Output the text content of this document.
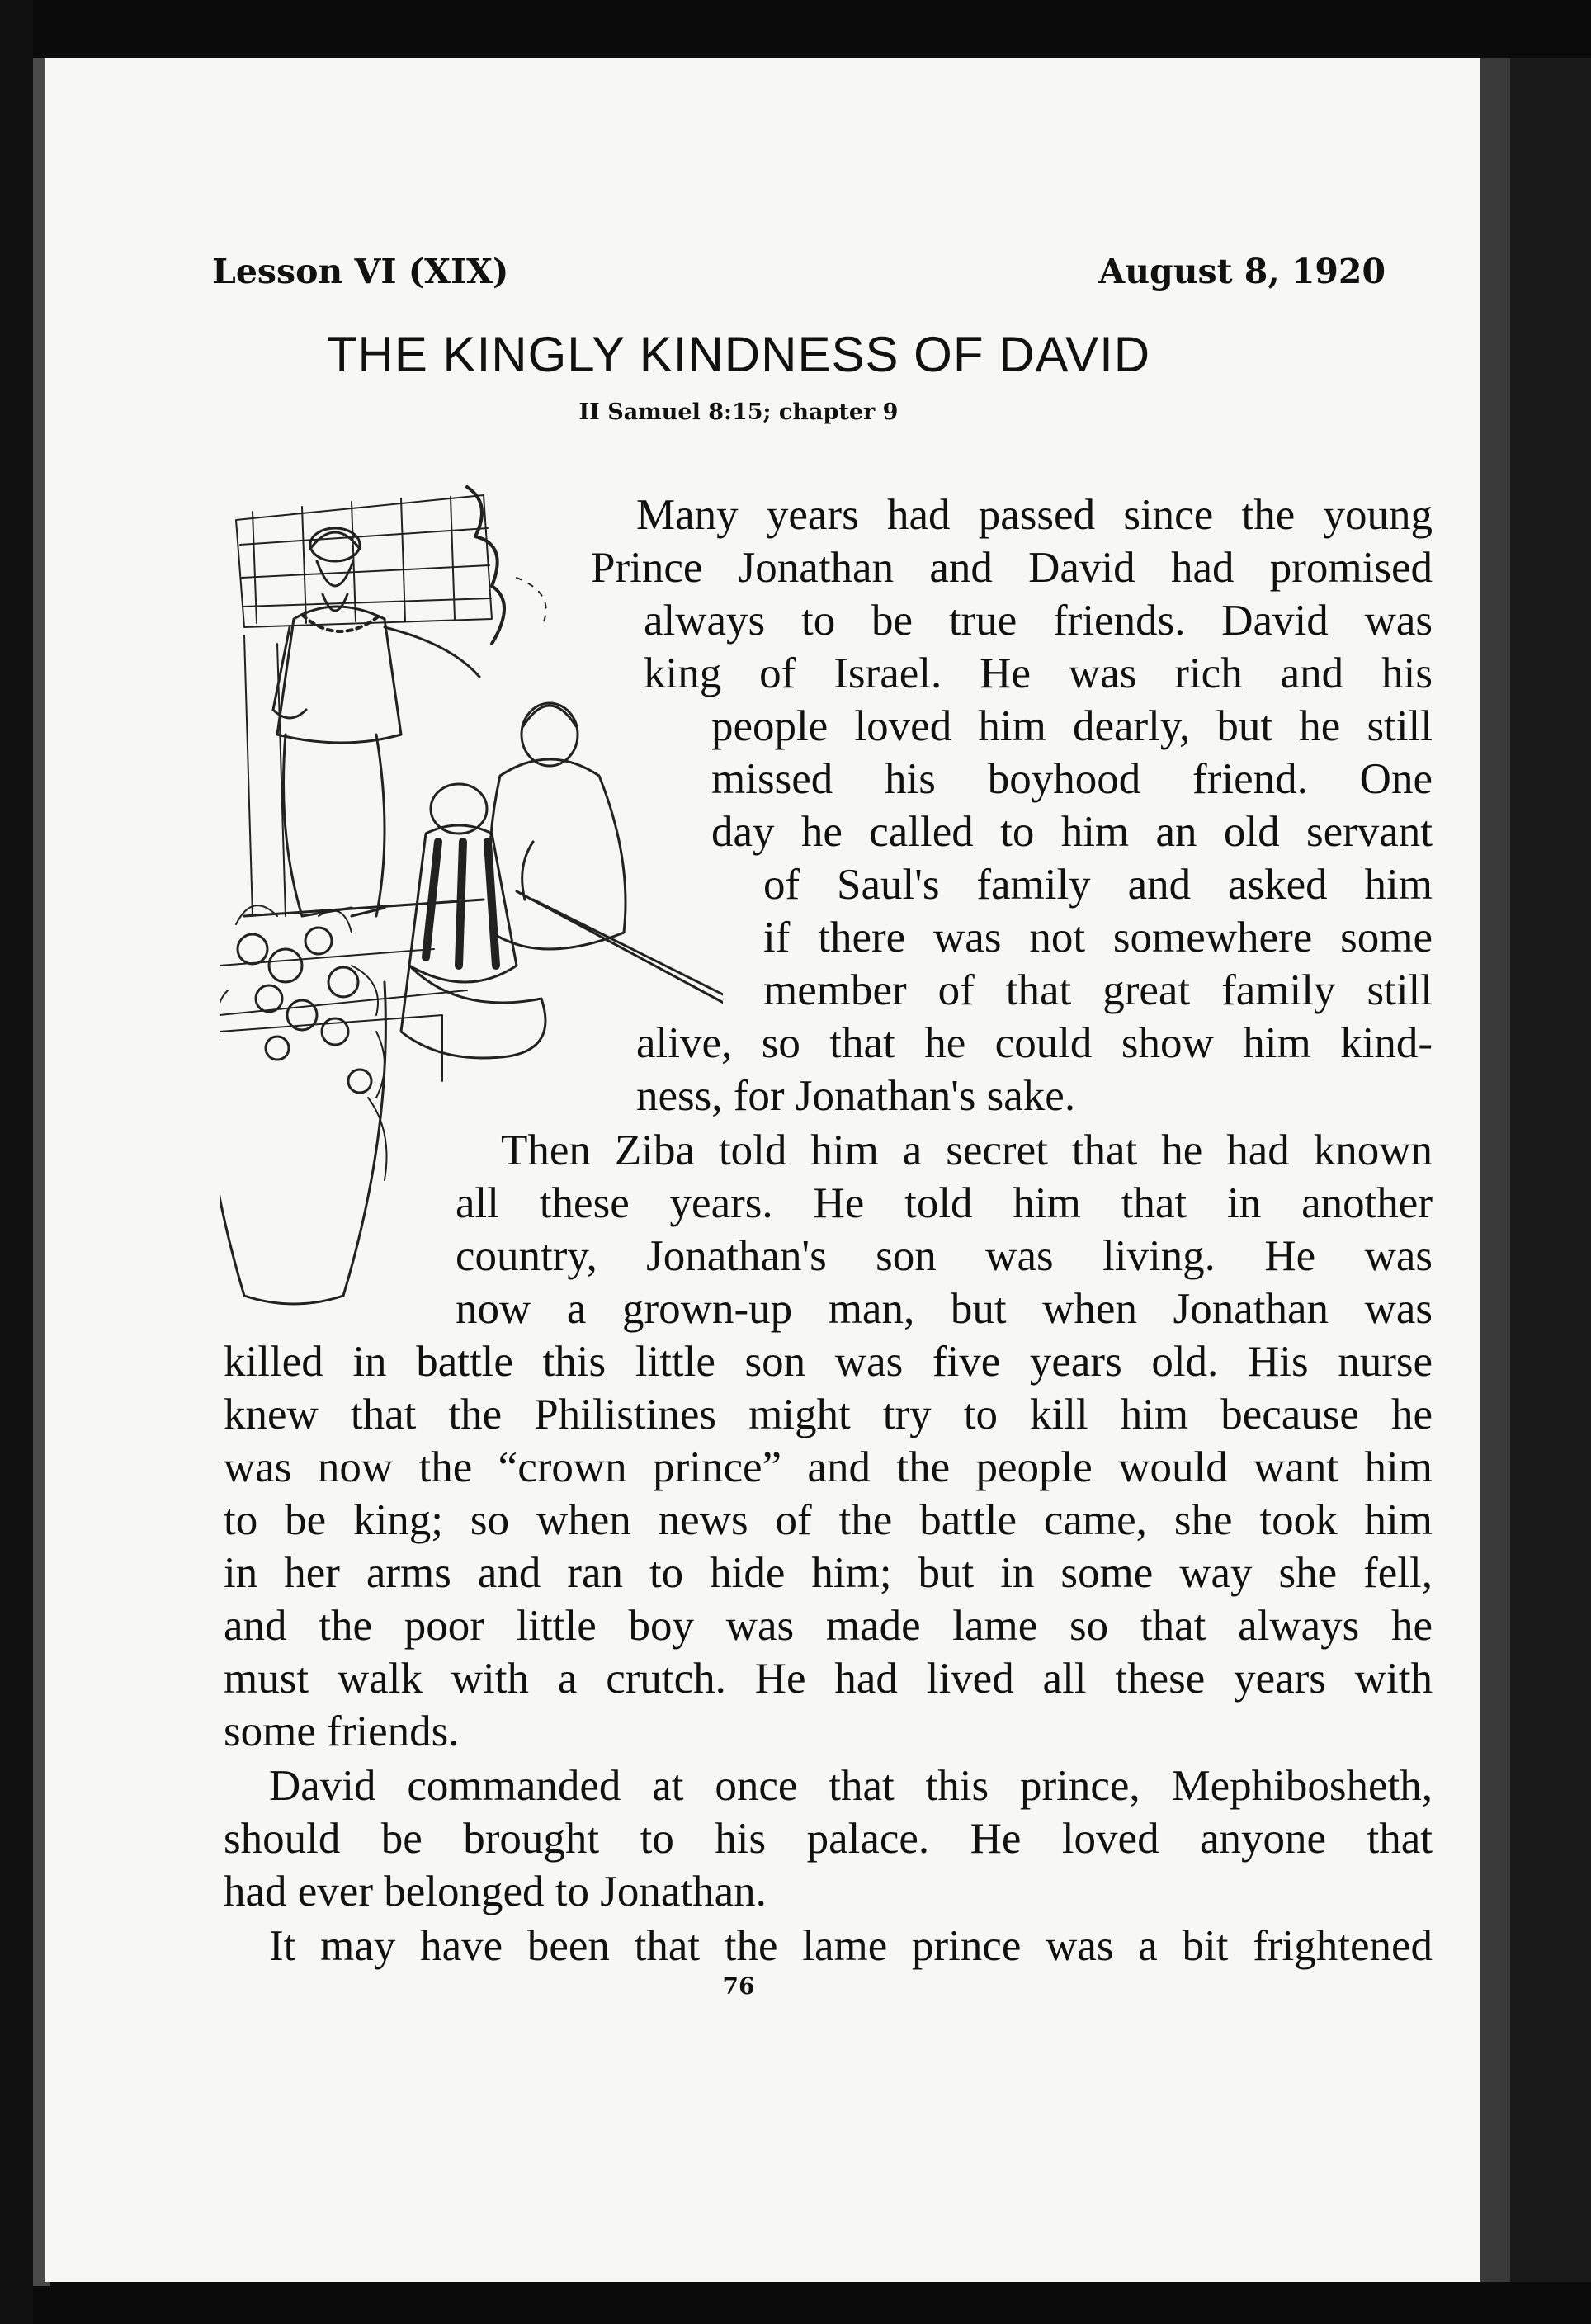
Lesson VI (XIX)	August 8, 1920
THE KINGLY KINDNESS OF DAVID
II Samuel 8:15; chapter 9
Many years had passed since the young
Prince Jonathan and David had promised
always to be true friends. David was
king of Israel. He was rich and his
people loved him dearly, but he still
missed his boyhood friend. One
day he called to him an old servant
of Saul's family and asked him
if there was not somewhere some
member of that great family still
alive, so that he could show him kind-
ness, for Jonathan's sake.
Then Ziba told him a secret that he had known
all these years. He told him that in another
country, Jonathan's son was living. He was
now a grown-up man, but when Jonathan was
killed in battle this little son was five years old. His nurse
knew that the Philistines might try to kill him because he
was now the “crown prince” and the people would want him
to be king; so when news of the battle came, she took him
in her arms and ran to hide him; but in some way she fell,
and the poor little boy was made lame so that always he
must walk with a crutch. He had lived all these years with
some friends.
David commanded at once that this prince, Mephibosheth,
should be brought to his palace. He loved anyone that
had ever belonged to Jonathan.
It may have been that the lame prince was a bit frightened
76
